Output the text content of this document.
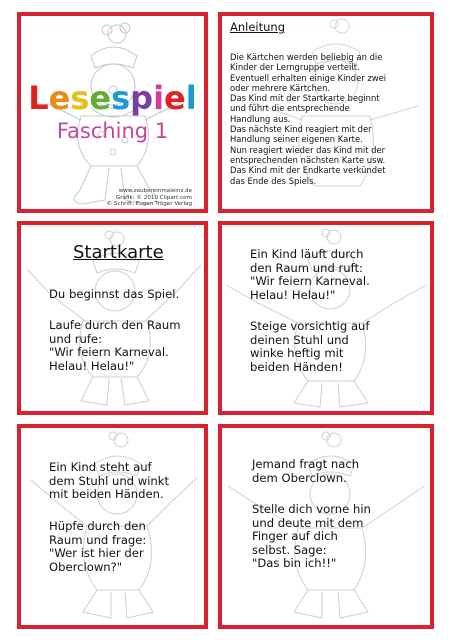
Lesespiel
Fasching 1
www.zaubereinmaleins.de
Grafik: © 2010 Clipart.com
© Schrift: Eugen Tröger Verlag
Anleitung
Die Kärtchen werden beliebig an die
Kinder der Lerngruppe verteilt.
Eventuell erhalten einige Kinder zwei
oder mehrere Kärtchen.
Das Kind mit der Startkarte beginnt
und führt die entsprechende
Handlung aus.
Das nächste Kind reagiert mit der
Handlung seiner eigenen Karte.
Nun reagiert wieder das Kind mit der
entsprechenden nächsten Karte usw.
Das Kind mit der Endkarte verkündet
das Ende des Spiels.
Startkarte
Du beginnst das Spiel.
Laufe durch den Raum
und rufe:
"Wir feiern Karneval.
Helau! Helau!"
Ein Kind läuft durch
den Raum und ruft:
"Wir feiern Karneval.
Helau! Helau!"
Steige vorsichtig auf
deinen Stuhl und
winke heftig mit
beiden Händen!
Ein Kind steht auf
dem Stuhl und winkt
mit beiden Händen.
Hüpfe durch den
Raum und frage:
"Wer ist hier der
Oberclown?"
Jemand fragt nach
dem Oberclown.
Stelle dich vorne hin
und deute mit dem
Finger auf dich
selbst. Sage:
"Das bin ich!!"
